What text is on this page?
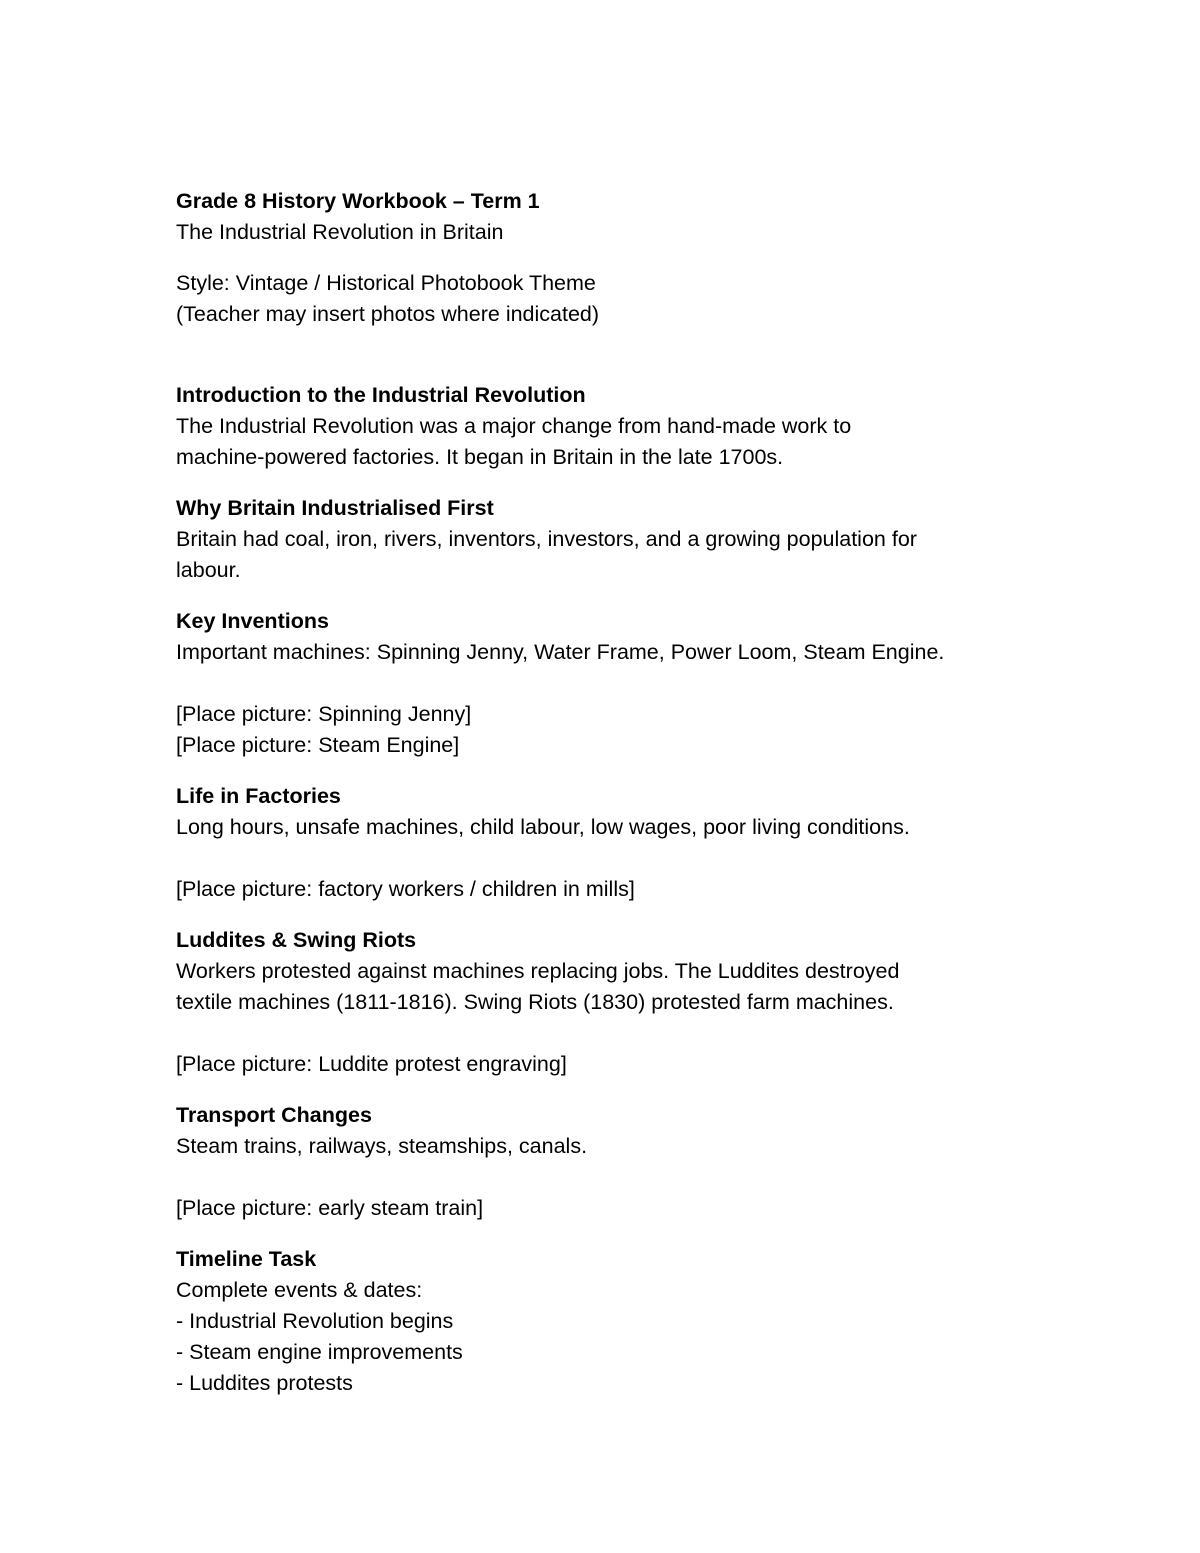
Grade 8 History Workbook – Term 1
The Industrial Revolution in Britain
Style: Vintage / Historical Photobook Theme
(Teacher may insert photos where indicated)
Introduction to the Industrial Revolution
The Industrial Revolution was a major change from hand-made work to
machine-powered factories. It began in Britain in the late 1700s.
Why Britain Industrialised First
Britain had coal, iron, rivers, inventors, investors, and a growing population for
labour.
Key Inventions
Important machines: Spinning Jenny, Water Frame, Power Loom, Steam Engine.
[Place picture: Spinning Jenny]
[Place picture: Steam Engine]
Life in Factories
Long hours, unsafe machines, child labour, low wages, poor living conditions.
[Place picture: factory workers / children in mills]
Luddites & Swing Riots
Workers protested against machines replacing jobs. The Luddites destroyed
textile machines (1811-1816). Swing Riots (1830) protested farm machines.
[Place picture: Luddite protest engraving]
Transport Changes
Steam trains, railways, steamships, canals.
[Place picture: early steam train]
Timeline Task
Complete events & dates:
- Industrial Revolution begins
- Steam engine improvements
- Luddites protests
